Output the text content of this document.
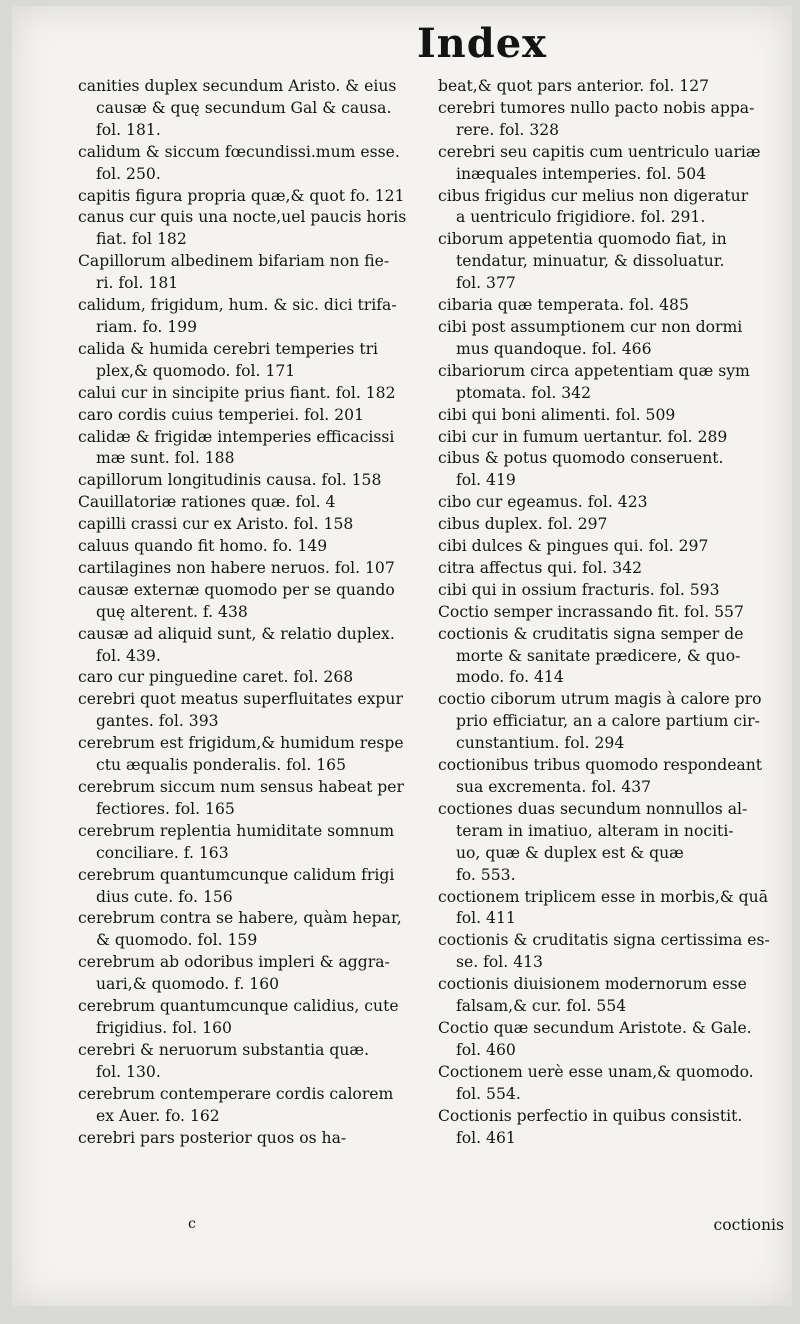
Index
canities duplex secundum Aristo. & eius
causæ & quę secundum Gal & causa.
fol. 181.
calidum & siccum fœcundissi.mum esse.
fol. 250.
capitis figura propria quæ,& quot fo. 121
canus cur quis una nocte,uel paucis horis
fiat. fol 182
Capillorum albedinem bifariam non fie-
ri. fol. 181
calidum, frigidum, hum. & sic. dici trifa-
riam. fo. 199
calida & humida cerebri temperies tri
plex,& quomodo. fol. 171
calui cur in sincipite prius fiant. fol. 182
caro cordis cuius temperiei. fol. 201
calidæ & frigidæ intemperies efficacissi
mæ sunt. fol. 188
capillorum longitudinis causa. fol. 158
Cauillatoriæ rationes quæ. fol. 4
capilli crassi cur ex Aristo. fol. 158
caluus quando fit homo. fo. 149
cartilagines non habere neruos. fol. 107
causæ externæ quomodo per se quando
quę alterent. f. 438
causæ ad aliquid sunt, & relatio duplex.
fol. 439.
caro cur pinguedine caret. fol. 268
cerebri quot meatus superfluitates expur
gantes. fol. 393
cerebrum est frigidum,& humidum respe
ctu æqualis ponderalis. fol. 165
cerebrum siccum num sensus habeat per
fectiores. fol. 165
cerebrum replentia humiditate somnum
conciliare. f. 163
cerebrum quantumcunque calidum frigi
dius cute. fo. 156
cerebrum contra se habere, quàm hepar,
& quomodo. fol. 159
cerebrum ab odoribus impleri & aggra-
uari,& quomodo. f. 160
cerebrum quantumcunque calidius, cute
frigidius. fol. 160
cerebri & neruorum substantia quæ.
fol. 130.
cerebrum contemperare cordis calorem
ex Auer. fo. 162
cerebri pars posterior quos os ha-
beat,& quot pars anterior. fol. 127
cerebri tumores nullo pacto nobis appa-
rere. fol. 328
cerebri seu capitis cum uentriculo uariæ
inæquales intemperies. fol. 504
cibus frigidus cur melius non digeratur
a uentriculo frigidiore. fol. 291.
ciborum appetentia quomodo fiat, in
tendatur, minuatur, & dissoluatur.
fol. 377
cibaria quæ temperata. fol. 485
cibi post assumptionem cur non dormi
mus quandoque. fol. 466
cibariorum circa appetentiam quæ sym
ptomata. fol. 342
cibi qui boni alimenti. fol. 509
cibi cur in fumum uertantur. fol. 289
cibus & potus quomodo conseruent.
fol. 419
cibo cur egeamus. fol. 423
cibus duplex. fol. 297
cibi dulces & pingues qui. fol. 297
citra affectus qui. fol. 342
cibi qui in ossium fracturis. fol. 593
Coctio semper incrassando fit. fol. 557
coctionis & cruditatis signa semper de
morte & sanitate prædicere, & quo-
modo. fo. 414
coctio ciborum utrum magis à calore pro
prio efficiatur, an a calore partium cir-
cunstantium. fol. 294
coctionibus tribus quomodo respondeant
sua excrementa. fol. 437
coctiones duas secundum nonnullos al-
teram in imatiuo, alteram in nociti-
uo, quæ & duplex est & quæ
fo. 553.
coctionem triplicem esse in morbis,& quā
fol. 411
coctionis & cruditatis signa certissima es-
se. fol. 413
coctionis diuisionem modernorum esse
falsam,& cur. fol. 554
Coctio quæ secundum Aristote. & Gale.
fol. 460
Coctionem uerè esse unam,& quomodo.
fol. 554.
Coctionis perfectio in quibus consistit.
fol. 461
c	coctionis
